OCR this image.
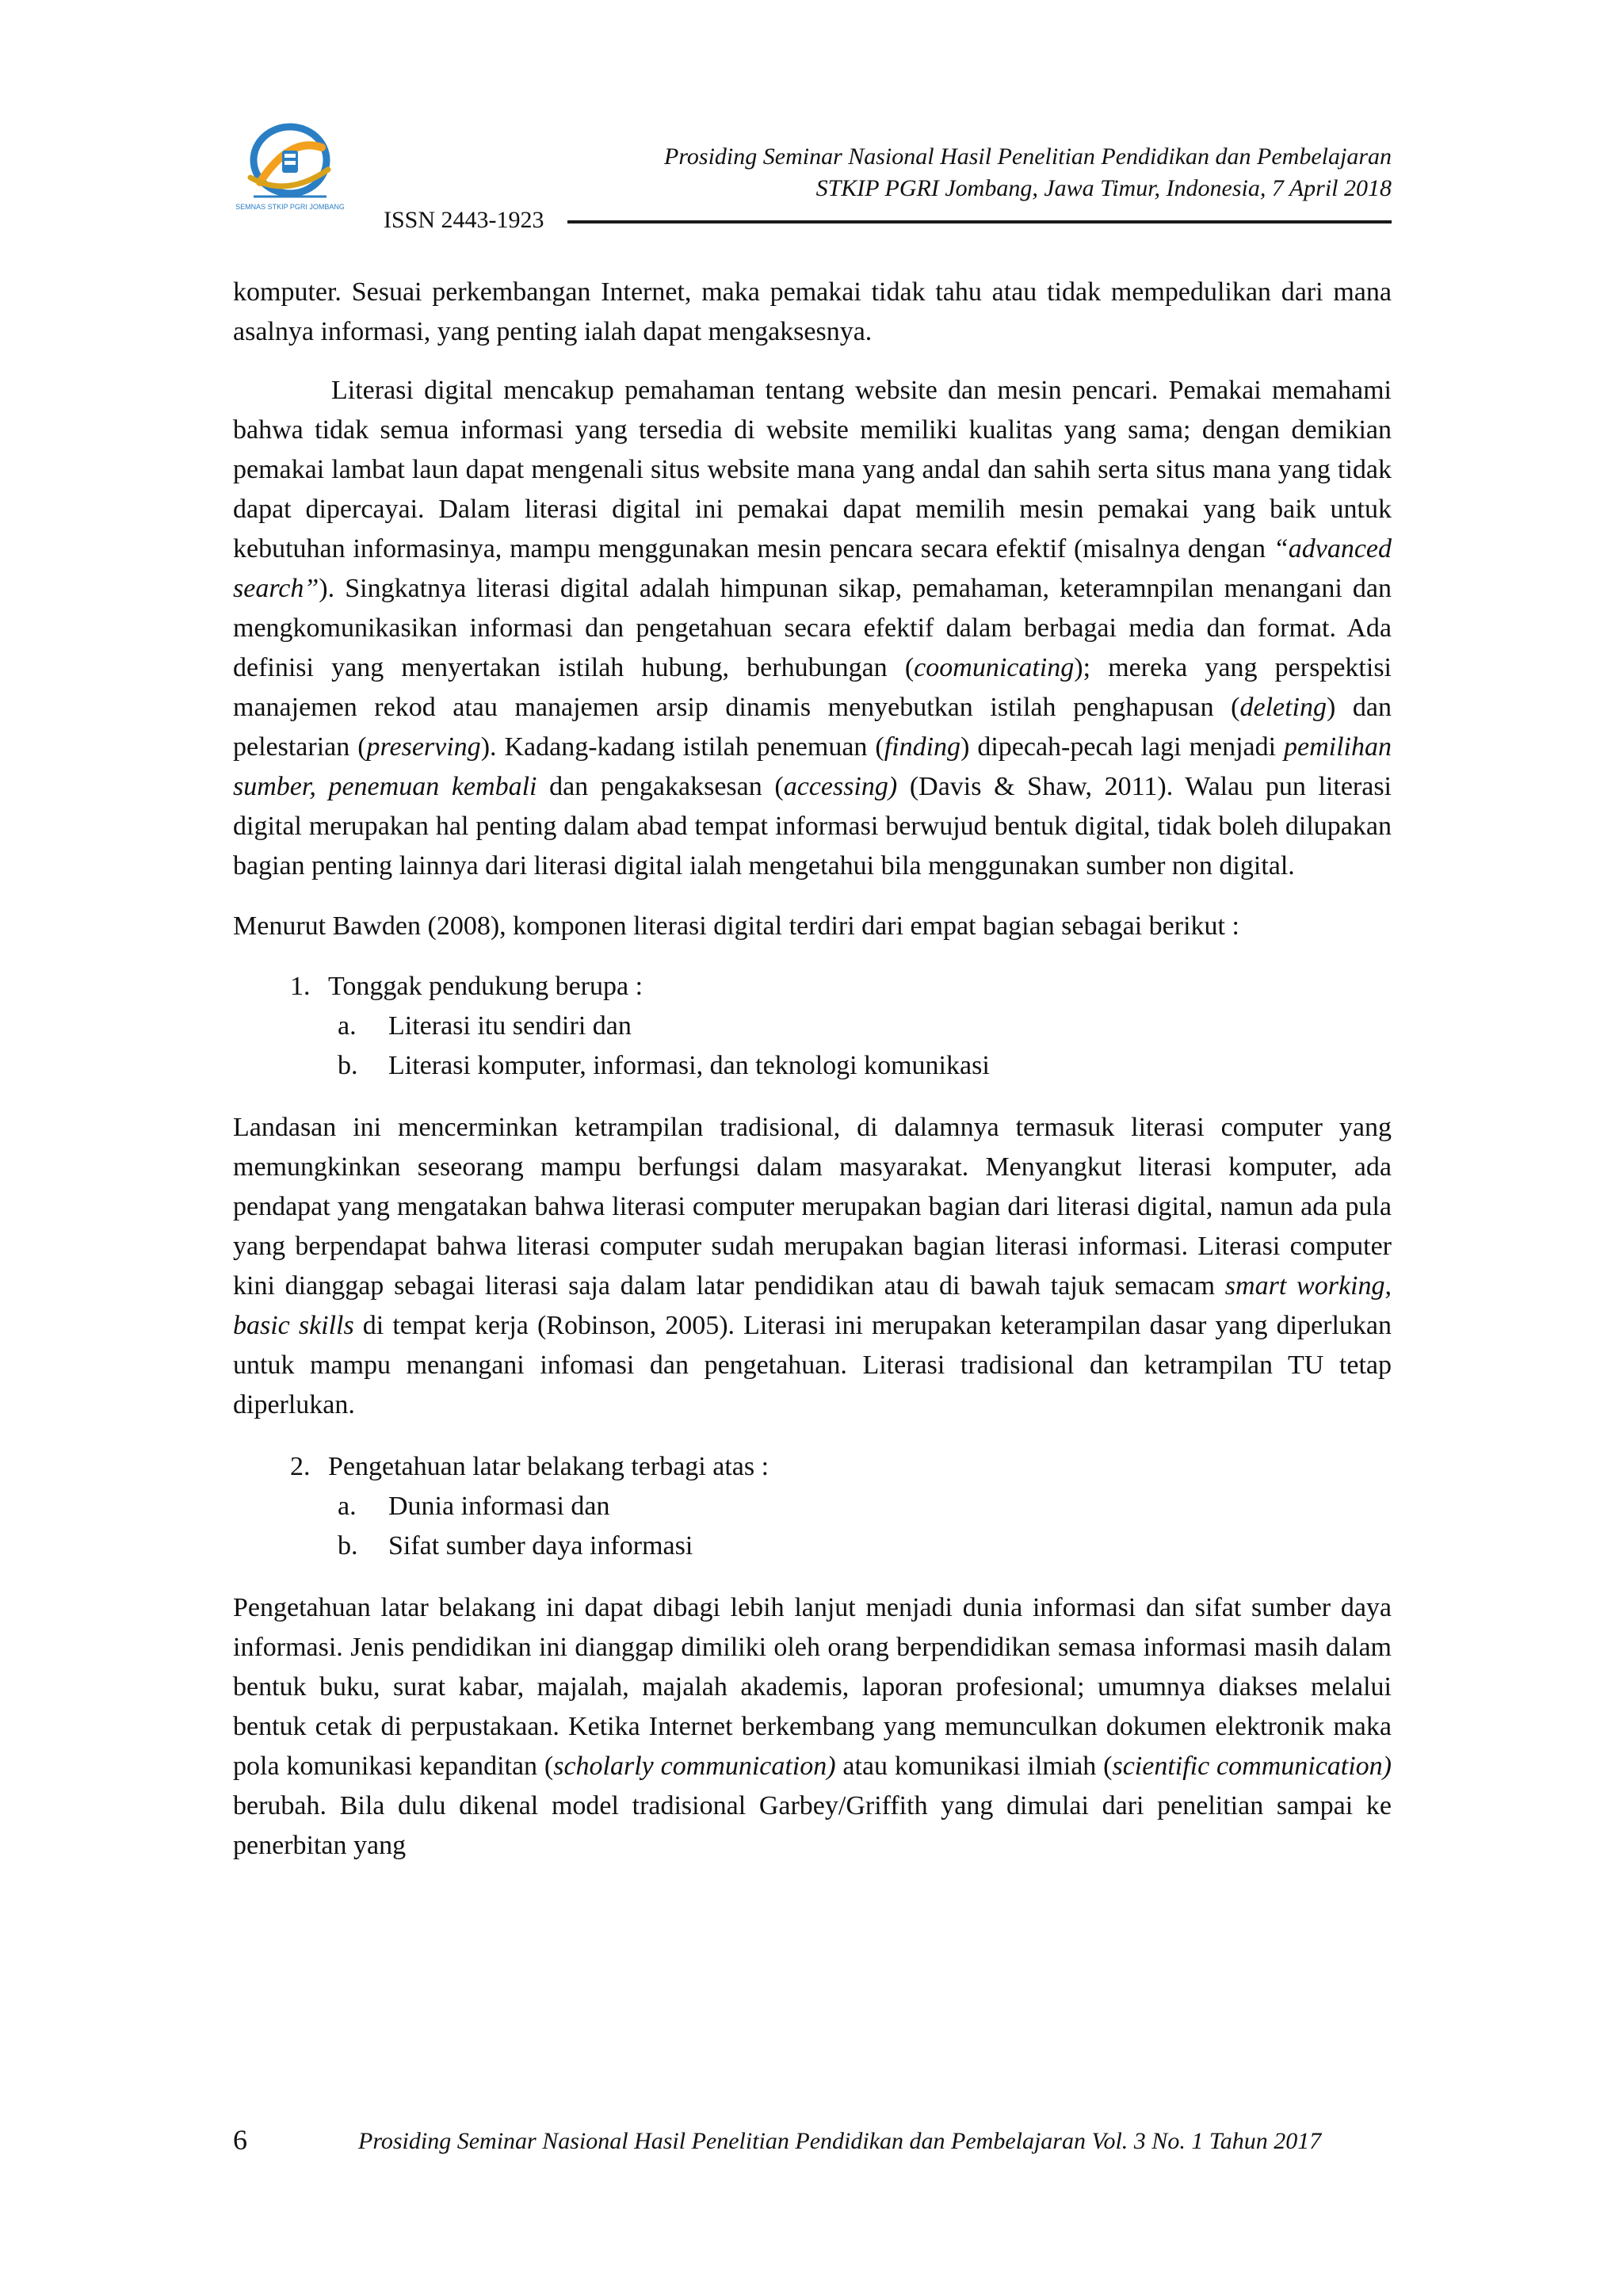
SEMNAS STKIP PGRI JOMBANG
Prosiding Seminar Nasional Hasil Penelitian Pendidikan dan Pembelajaran
STKIP PGRI Jombang, Jawa Timur, Indonesia, 7 April 2018
ISSN 2443-1923

komputer. Sesuai perkembangan Internet, maka pemakai tidak tahu atau tidak mempedulikan dari mana asalnya informasi, yang penting ialah dapat mengaksesnya.

Literasi digital mencakup pemahaman tentang website dan mesin pencari. Pemakai memahami bahwa tidak semua informasi yang tersedia di website memiliki kualitas yang sama; dengan demikian pemakai lambat laun dapat mengenali situs website mana yang andal dan sahih serta situs mana yang tidak dapat dipercayai. Dalam literasi digital ini pemakai dapat memilih mesin pemakai yang baik untuk kebutuhan informasinya, mampu menggunakan mesin pencara secara efektif (misalnya dengan “advanced search”). Singkatnya literasi digital adalah himpunan sikap, pemahaman, keteramnpilan menangani dan mengkomunikasikan informasi dan pengetahuan secara efektif dalam berbagai media dan format. Ada definisi yang menyertakan istilah hubung, berhubungan (coomunicating); mereka yang perspektisi manajemen rekod atau manajemen arsip dinamis menyebutkan istilah penghapusan (deleting) dan pelestarian (preserving). Kadang-kadang istilah penemuan (finding) dipecah-pecah lagi menjadi pemilihan sumber, penemuan kembali dan pengakaksesan (accessing) (Davis & Shaw, 2011). Walau pun literasi digital merupakan hal penting dalam abad tempat informasi berwujud bentuk digital, tidak boleh dilupakan bagian penting lainnya dari literasi digital ialah mengetahui bila menggunakan sumber non digital.

Menurut Bawden (2008), komponen literasi digital terdiri dari empat bagian sebagai berikut :

1. Tonggak pendukung berupa :

a. Literasi itu sendiri dan

b. Literasi komputer, informasi, dan teknologi komunikasi

Landasan ini mencerminkan ketrampilan tradisional, di dalamnya termasuk literasi computer yang memungkinkan seseorang mampu berfungsi dalam masyarakat. Menyangkut literasi komputer, ada pendapat yang mengatakan bahwa literasi computer merupakan bagian dari literasi digital, namun ada pula yang berpendapat bahwa literasi computer sudah merupakan bagian literasi informasi. Literasi computer kini dianggap sebagai literasi saja dalam latar pendidikan atau di bawah tajuk semacam smart working, basic skills di tempat kerja (Robinson, 2005). Literasi ini merupakan keterampilan dasar yang diperlukan untuk mampu menangani infomasi dan pengetahuan. Literasi tradisional dan ketrampilan TU tetap diperlukan.

2. Pengetahuan latar belakang terbagi atas :

a. Dunia informasi dan

b. Sifat sumber daya informasi

Pengetahuan latar belakang ini dapat dibagi lebih lanjut menjadi dunia informasi dan sifat sumber daya informasi. Jenis pendidikan ini dianggap dimiliki oleh orang berpendidikan semasa informasi masih dalam bentuk buku, surat kabar, majalah, majalah akademis, laporan profesional; umumnya diakses melalui bentuk cetak di perpustakaan. Ketika Internet berkembang yang memunculkan dokumen elektronik maka pola komunikasi kepanditan (scholarly communication) atau komunikasi ilmiah (scientific communication) berubah. Bila dulu dikenal model tradisional Garbey/Griffith yang dimulai dari penelitian sampai ke penerbitan yang

6	Prosiding Seminar Nasional Hasil Penelitian Pendidikan dan Pembelajaran Vol. 3 No. 1 Tahun 2017
